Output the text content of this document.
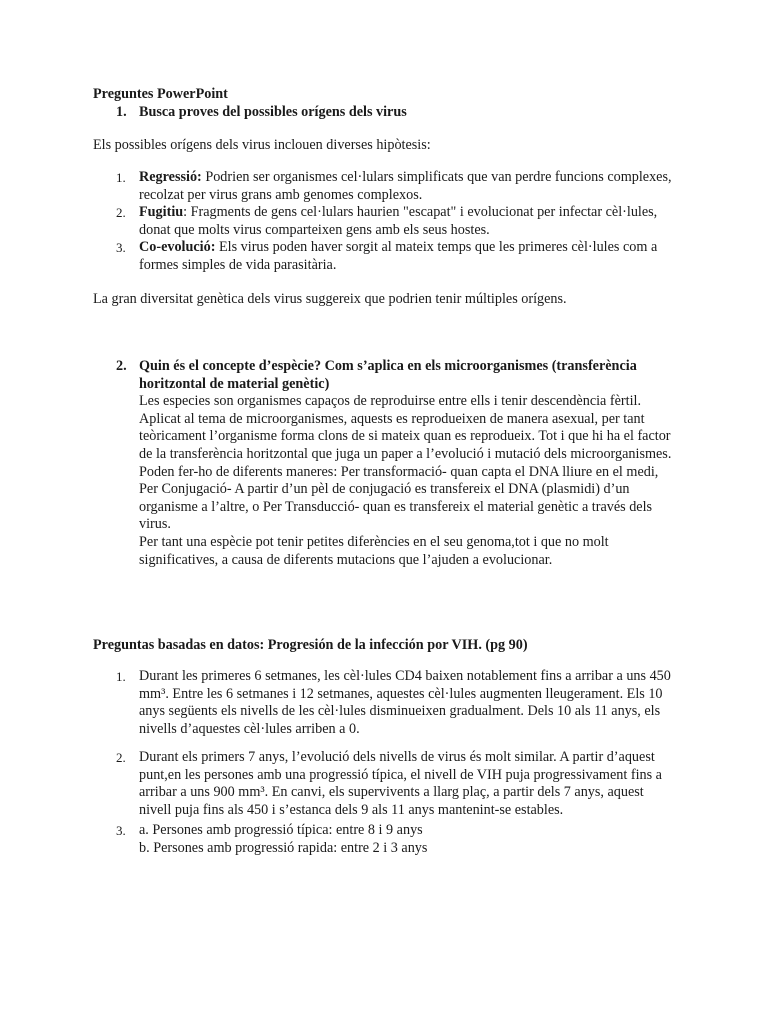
Preguntes PowerPoint

1. Busca proves del possibles orígens dels virus

Els possibles orígens dels virus inclouen diverses hipòtesis:

1. Regressió: Podrien ser organismes cel·lulars simplificats que van perdre funcions complexes, recolzat per virus grans amb genomes complexos.
2. Fugitiu: Fragments de gens cel·lulars haurien "escapat" i evolucionat per infectar cèl·lules, donat que molts virus comparteixen gens amb els seus hostes.
3. Co-evolució: Els virus poden haver sorgit al mateix temps que les primeres cèl·lules com a formes simples de vida parasitària.

La gran diversitat genètica dels virus suggereix que podrien tenir múltiples orígens.

2. Quin és el concepte d’espècie? Com s’aplica en els microorganismes (transferència horitzontal de material genètic)

Les especies son organismes capaços de reproduirse entre ells i tenir descendència fèrtil.

Aplicat al tema de microorganismes, aquests es reprodueixen de manera asexual, per tant teòricament l’organisme forma clons de si mateix quan es reprodueix. Tot i que hi ha el factor de la transferència horitzontal que juga un paper a l’evolució i mutació dels microorganismes. Poden fer-ho de diferents maneres: Per transformació- quan capta el DNA lliure en el medi, Per Conjugació- A partir d’un pèl de conjugació es transfereix el DNA (plasmidi) d’un organisme a l’altre, o Per Transducció- quan es transfereix el material genètic a través dels virus.

Per tant una espècie pot tenir petites diferències en el seu genoma,tot i que no molt significatives, a causa de diferents mutacions que l’ajuden a evolucionar.

Preguntas basadas en datos: Progresión de la infección por VIH. (pg 90)

1. Durant les primeres 6 setmanes, les cèl·lules CD4 baixen notablement fins a arribar a uns 450 mm³. Entre les 6 setmanes i 12 setmanes, aquestes cèl·lules augmenten lleugerament. Els 10 anys següents els nivells de les cèl·lules disminueixen gradualment. Dels 10 als 11 anys, els nivells d’aquestes cèl·lules arriben a 0.
2. Durant els primers 7 anys, l’evolució dels nivells de virus és molt similar. A partir d’aquest punt,en les persones amb una progressió típica, el nivell de VIH puja progressivament fins a arribar a uns 900 mm³. En canvi, els supervivents a llarg plaç, a partir dels 7 anys, aquest nivell puja fins als 450 i s’estanca dels 9 als 11 anys mantenint-se estables.
3. a. Persones amb progressió típica: entre 8 i 9 anys
b. Persones amb progressió rapida: entre 2 i 3 anys
